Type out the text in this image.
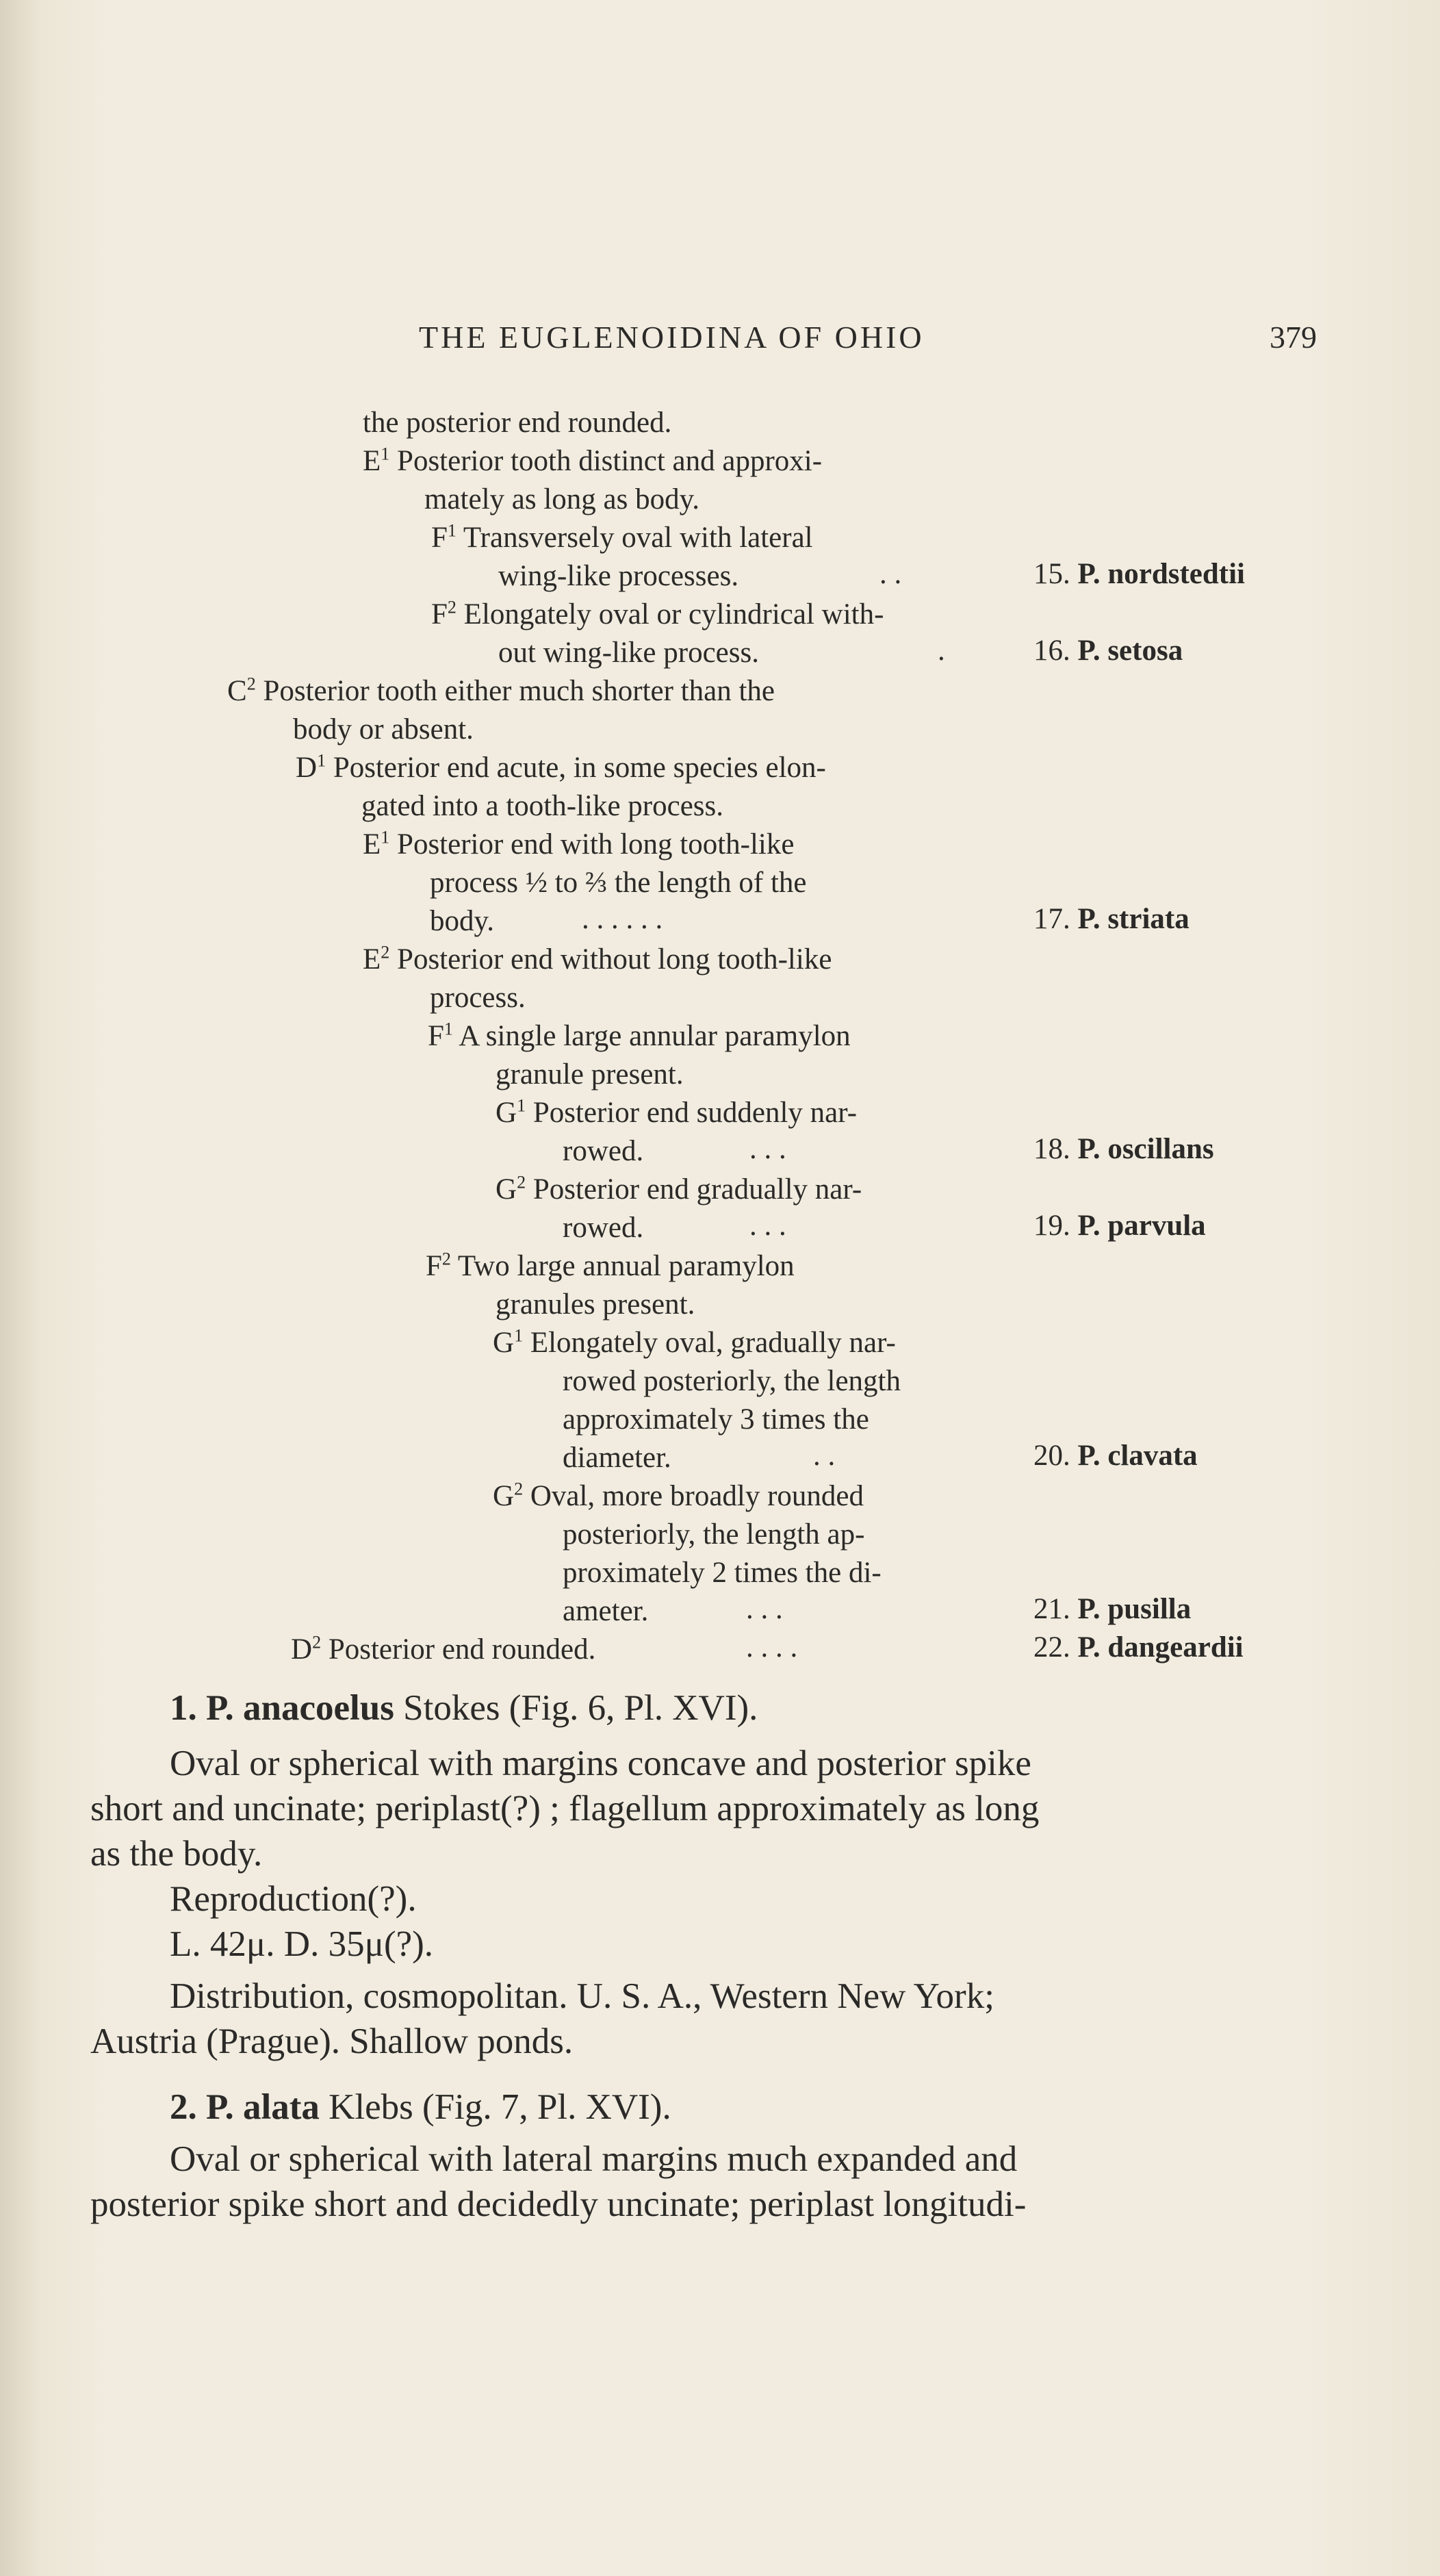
THE EUGLENOIDINA OF OHIO	379
the posterior end rounded.
$E^1$ Posterior tooth distinct and approxi-
mately as long as body.
$F^1$ Transversely oval with lateral
wing-like processes.	. .	15. P. nordstedtii
$F^2$ Elongately oval or cylindrical with-
out wing-like process.	.	16. P. setosa
$C^2$ Posterior tooth either much shorter than the
body or absent.
$D^1$ Posterior end acute, in some species elon-
gated into a tooth-like process.
$E^1$ Posterior end with long tooth-like
process ½ to ⅔ the length of the
body.	. . . . . .	17. P. striata
$E^2$ Posterior end without long tooth-like
process.
$F^1$ A single large annular paramylon
granule present.
$G^1$ Posterior end suddenly nar-
rowed.	. . .	18. P. oscillans
$G^2$ Posterior end gradually nar-
rowed.	. . .	19. P. parvula
$F^2$ Two large annual paramylon
granules present.
$G^1$ Elongately oval, gradually nar-
rowed posteriorly, the length
approximately 3 times the
diameter.	. .	20. P. clavata
$G^2$ Oval, more broadly rounded
posteriorly, the length ap-
proximately 2 times the di-
ameter.	. . .	21. P. pusilla
$D^2$ Posterior end rounded.	. . . .	22. P. dangeardii
1. P. anacoelus Stokes (Fig. 6, Pl. XVI).
Oval or spherical with margins concave and posterior spike
short and uncinate; periplast(?) ; flagellum approximately as long
as the body.
Reproduction(?).
L. 42μ. D. 35μ(?).
Distribution, cosmopolitan. U. S. A., Western New York;
Austria (Prague). Shallow ponds.
2. P. alata Klebs (Fig. 7, Pl. XVI).
Oval or spherical with lateral margins much expanded and
posterior spike short and decidedly uncinate; periplast longitudi-
